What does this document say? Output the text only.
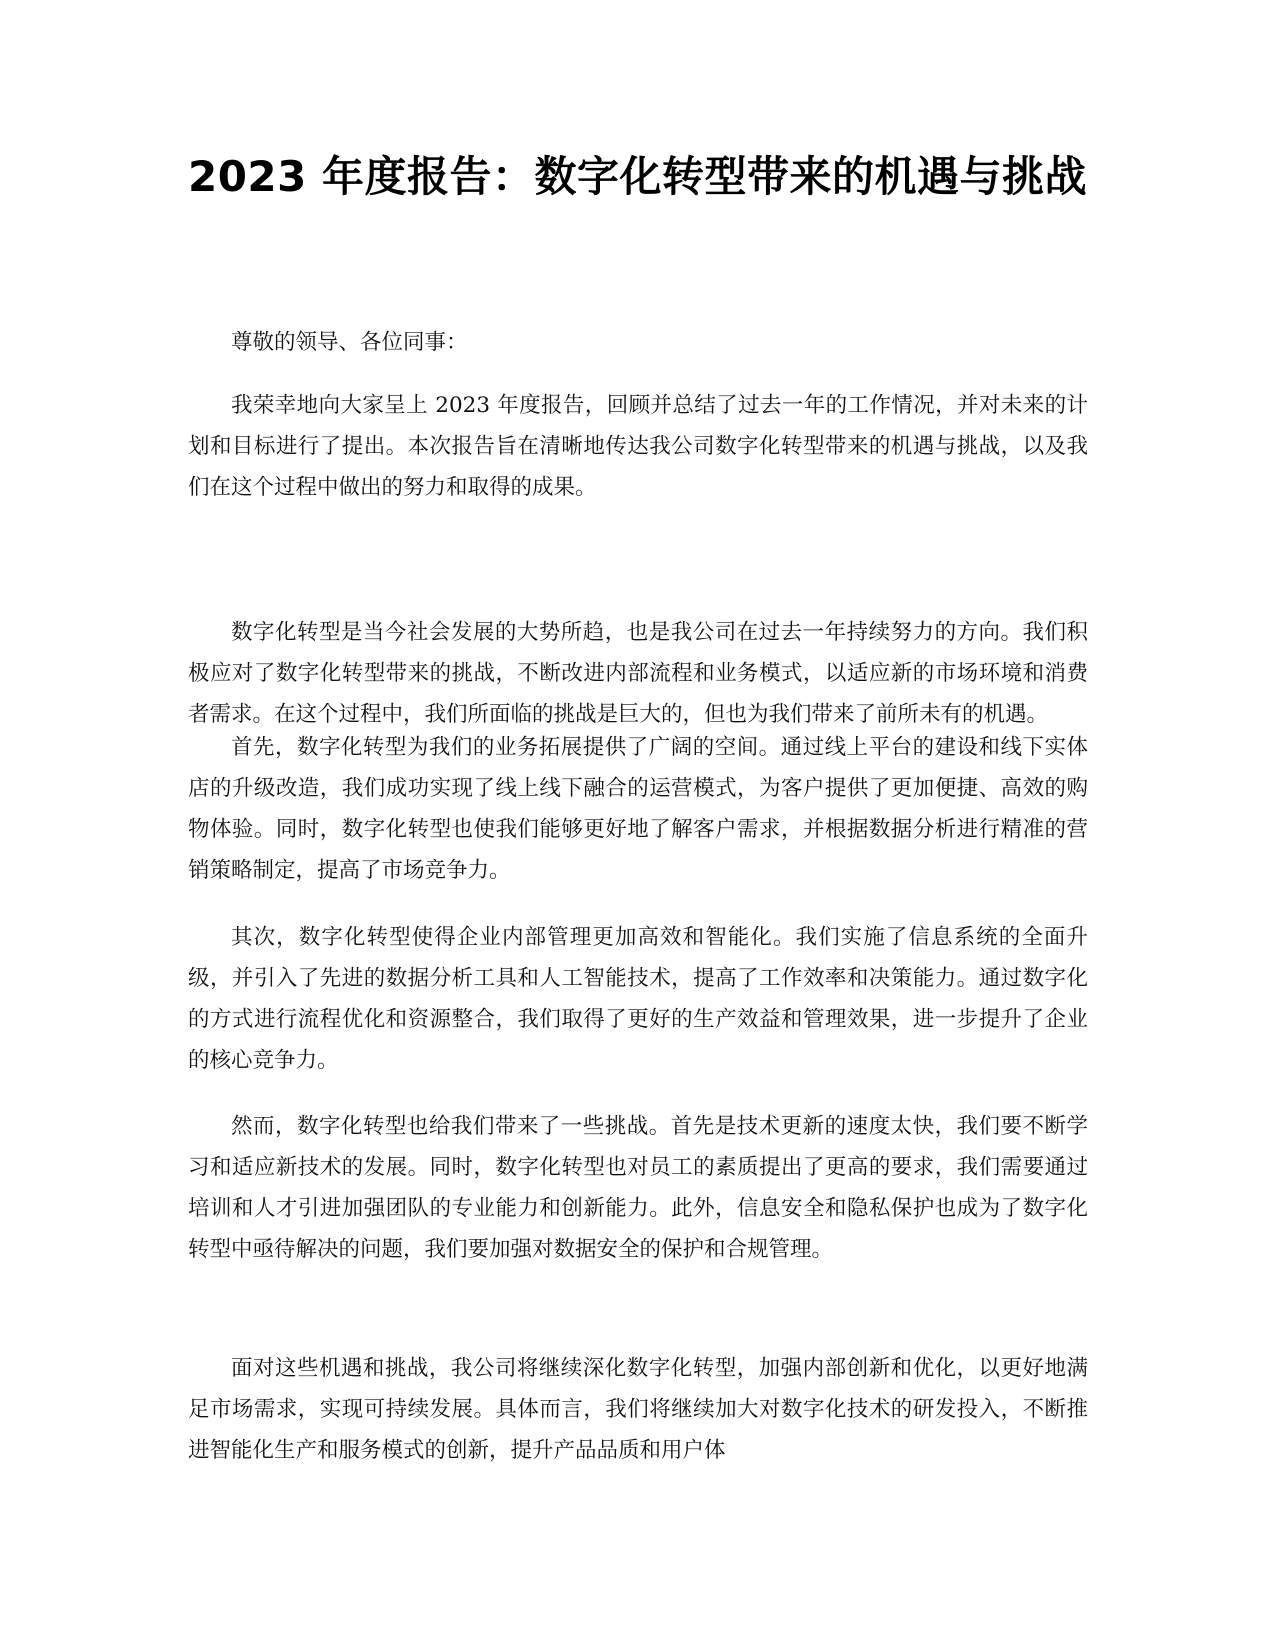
2023 年度报告：数字化转型带来的机遇与挑战

尊敬的领导、各位同事：

我荣幸地向大家呈上 2023 年度报告，回顾并总结了过去一年的工作情况，并对未来的计划和目标进行了提出。本次报告旨在清晰地传达我公司数字化转型带来的机遇与挑战，以及我们在这个过程中做出的努力和取得的成果。

数字化转型是当今社会发展的大势所趋，也是我公司在过去一年持续努力的方向。我们积极应对了数字化转型带来的挑战，不断改进内部流程和业务模式，以适应新的市场环境和消费者需求。在这个过程中，我们所面临的挑战是巨大的，但也为我们带来了前所未有的机遇。

首先，数字化转型为我们的业务拓展提供了广阔的空间。通过线上平台的建设和线下实体店的升级改造，我们成功实现了线上线下融合的运营模式，为客户提供了更加便捷、高效的购物体验。同时，数字化转型也使我们能够更好地了解客户需求，并根据数据分析进行精准的营销策略制定，提高了市场竞争力。

其次，数字化转型使得企业内部管理更加高效和智能化。我们实施了信息系统的全面升级，并引入了先进的数据分析工具和人工智能技术，提高了工作效率和决策能力。通过数字化的方式进行流程优化和资源整合，我们取得了更好的生产效益和管理效果，进一步提升了企业的核心竞争力。

然而，数字化转型也给我们带来了一些挑战。首先是技术更新的速度太快，我们要不断学习和适应新技术的发展。同时，数字化转型也对员工的素质提出了更高的要求，我们需要通过培训和人才引进加强团队的专业能力和创新能力。此外，信息安全和隐私保护也成为了数字化转型中亟待解决的问题，我们要加强对数据安全的保护和合规管理。

面对这些机遇和挑战，我公司将继续深化数字化转型，加强内部创新和优化，以更好地满足市场需求，实现可持续发展。具体而言，我们将继续加大对数字化技术的研发投入，不断推进智能化生产和服务模式的创新，提升产品品质和用户体
